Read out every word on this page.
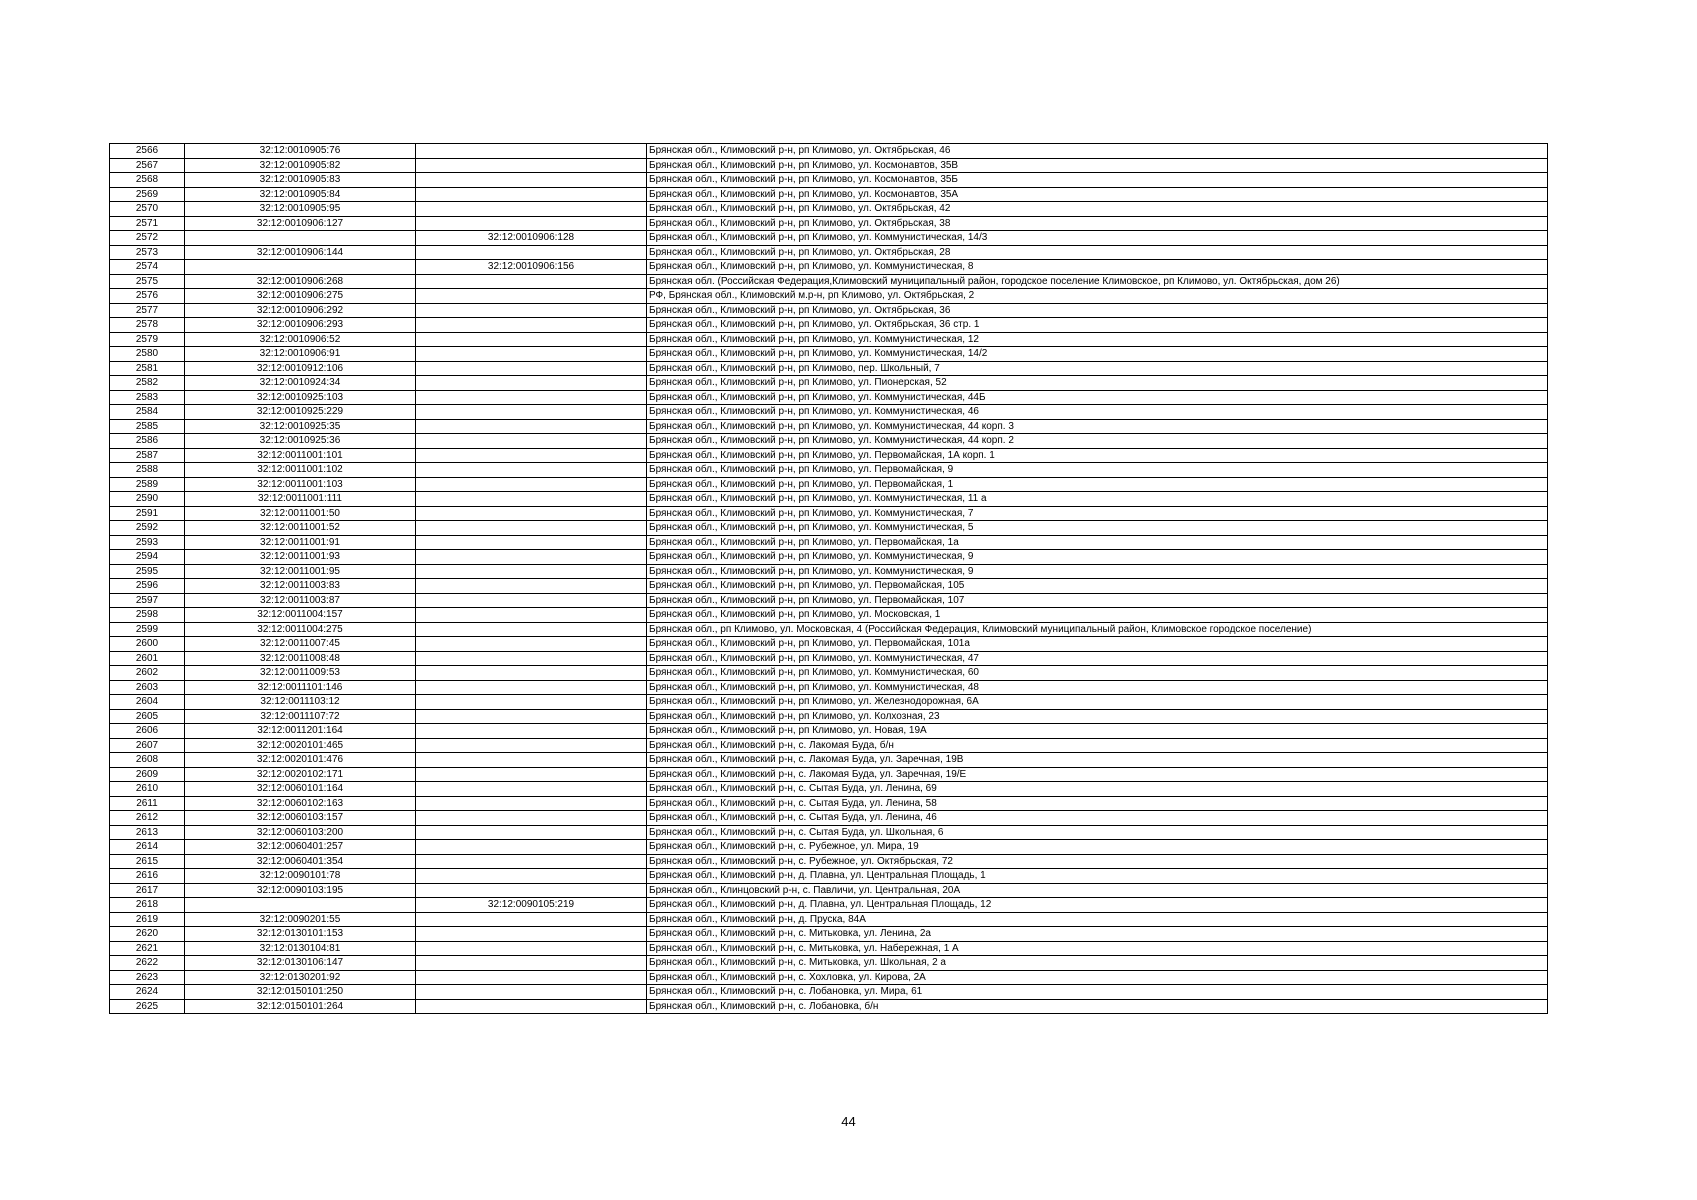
2566	32:12:0010905:76		Брянская обл., Климовский р-н, рп Климово, ул. Октябрьская, 46
2567	32:12:0010905:82		Брянская обл., Климовский р-н, рп Климово, ул. Космонавтов, 35В
2568	32:12:0010905:83		Брянская обл., Климовский р-н, рп Климово, ул. Космонавтов, 35Б
2569	32:12:0010905:84		Брянская обл., Климовский р-н, рп Климово, ул. Космонавтов, 35А
2570	32:12:0010905:95		Брянская обл., Климовский р-н, рп Климово, ул. Октябрьская, 42
2571	32:12:0010906:127		Брянская обл., Климовский р-н, рп Климово, ул. Октябрьская, 38
2572		32:12:0010906:128	Брянская обл., Климовский р-н, рп Климово, ул. Коммунистическая, 14/3
2573	32:12:0010906:144		Брянская обл., Климовский р-н, рп Климово, ул. Октябрьская, 28
2574		32:12:0010906:156	Брянская обл., Климовский р-н, рп Климово, ул. Коммунистическая, 8
2575	32:12:0010906:268		Брянская обл. (Российская Федерация,Климовский муниципальный район, городское поселение Климовское, рп Климово, ул. Октябрьская, дом 26)
2576	32:12:0010906:275		РФ, Брянская обл., Климовский м.р-н, рп Климово, ул. Октябрьская, 2
2577	32:12:0010906:292		Брянская обл., Климовский р-н, рп Климово, ул. Октябрьская, 36
2578	32:12:0010906:293		Брянская обл., Климовский р-н, рп Климово, ул. Октябрьская, 36 стр. 1
2579	32:12:0010906:52		Брянская обл., Климовский р-н, рп Климово, ул. Коммунистическая, 12
2580	32:12:0010906:91		Брянская обл., Климовский р-н, рп Климово, ул. Коммунистическая, 14/2
2581	32:12:0010912:106		Брянская обл., Климовский р-н, рп Климово, пер. Школьный, 7
2582	32:12:0010924:34		Брянская обл., Климовский р-н, рп Климово, ул. Пионерская, 52
2583	32:12:0010925:103		Брянская обл., Климовский р-н, рп Климово, ул. Коммунистическая, 44Б
2584	32:12:0010925:229		Брянская обл., Климовский р-н, рп Климово, ул. Коммунистическая, 46
2585	32:12:0010925:35		Брянская обл., Климовский р-н, рп Климово, ул. Коммунистическая, 44 корп. 3
2586	32:12:0010925:36		Брянская обл., Климовский р-н, рп Климово, ул. Коммунистическая, 44 корп. 2
2587	32:12:0011001:101		Брянская обл., Климовский р-н, рп Климово, ул. Первомайская, 1А корп. 1
2588	32:12:0011001:102		Брянская обл., Климовский р-н, рп Климово, ул. Первомайская, 9
2589	32:12:0011001:103		Брянская обл., Климовский р-н, рп Климово, ул. Первомайская, 1
2590	32:12:0011001:111		Брянская обл., Климовский р-н, рп Климово, ул. Коммунистическая, 11 а
2591	32:12:0011001:50		Брянская обл., Климовский р-н, рп Климово, ул. Коммунистическая, 7
2592	32:12:0011001:52		Брянская обл., Климовский р-н, рп Климово, ул. Коммунистическая, 5
2593	32:12:0011001:91		Брянская обл., Климовский р-н, рп Климово, ул. Первомайская, 1а
2594	32:12:0011001:93		Брянская обл., Климовский р-н, рп Климово, ул. Коммунистическая, 9
2595	32:12:0011001:95		Брянская обл., Климовский р-н, рп Климово, ул. Коммунистическая, 9
2596	32:12:0011003:83		Брянская обл., Климовский р-н, рп Климово, ул. Первомайская, 105
2597	32:12:0011003:87		Брянская обл., Климовский р-н, рп Климово, ул. Первомайская, 107
2598	32:12:0011004:157		Брянская обл., Климовский р-н, рп Климово, ул. Московская, 1
2599	32:12:0011004:275		Брянская обл., рп Климово, ул. Московская, 4 (Российская Федерация, Климовский муниципальный район, Климовское городское поселение)
2600	32:12:0011007:45		Брянская обл., Климовский р-н, рп Климово, ул. Первомайская, 101а
2601	32:12:0011008:48		Брянская обл., Климовский р-н, рп Климово, ул. Коммунистическая, 47
2602	32:12:0011009:53		Брянская обл., Климовский р-н, рп Климово, ул. Коммунистическая, 60
2603	32:12:0011101:146		Брянская обл., Климовский р-н, рп Климово, ул. Коммунистическая, 48
2604	32:12:0011103:12		Брянская обл., Климовский р-н, рп Климово, ул. Железнодорожная, 6А
2605	32:12:0011107:72		Брянская обл., Климовский р-н, рп Климово, ул. Колхозная, 23
2606	32:12:0011201:164		Брянская обл., Климовский р-н, рп Климово, ул. Новая, 19А
2607	32:12:0020101:465		Брянская обл., Климовский р-н, с. Лакомая Буда, б/н
2608	32:12:0020101:476		Брянская обл., Климовский р-н, с. Лакомая Буда, ул. Заречная, 19В
2609	32:12:0020102:171		Брянская обл., Климовский р-н, с. Лакомая Буда, ул. Заречная, 19/Е
2610	32:12:0060101:164		Брянская обл., Климовский р-н, с. Сытая Буда, ул. Ленина, 69
2611	32:12:0060102:163		Брянская обл., Климовский р-н, с. Сытая Буда, ул. Ленина, 58
2612	32:12:0060103:157		Брянская обл., Климовский р-н, с. Сытая Буда, ул. Ленина, 46
2613	32:12:0060103:200		Брянская обл., Климовский р-н, с. Сытая Буда, ул. Школьная, 6
2614	32:12:0060401:257		Брянская обл., Климовский р-н, с. Рубежное, ул. Мира, 19
2615	32:12:0060401:354		Брянская обл., Климовский р-н, с. Рубежное, ул. Октябрьская, 72
2616	32:12:0090101:78		Брянская обл., Климовский р-н, д. Плавна, ул. Центральная Площадь, 1
2617	32:12:0090103:195		Брянская обл., Клинцовский р-н, с. Павличи, ул. Центральная, 20А
2618		32:12:0090105:219	Брянская обл., Климовский р-н, д. Плавна, ул. Центральная Площадь, 12
2619	32:12:0090201:55		Брянская обл., Климовский р-н, д. Пруска, 84А
2620	32:12:0130101:153		Брянская обл., Климовский р-н, с. Митьковка, ул. Ленина, 2а
2621	32:12:0130104:81		Брянская обл., Климовский р-н, с. Митьковка, ул. Набережная, 1 А
2622	32:12:0130106:147		Брянская обл., Климовский р-н, с. Митьковка, ул. Школьная, 2 а
2623	32:12:0130201:92		Брянская обл., Климовский р-н, с. Хохловка, ул. Кирова, 2А
2624	32:12:0150101:250		Брянская обл., Климовский р-н, с. Лобановка, ул. Мира, 61
2625	32:12:0150101:264		Брянская обл., Климовский р-н, с. Лобановка, б/н
44
